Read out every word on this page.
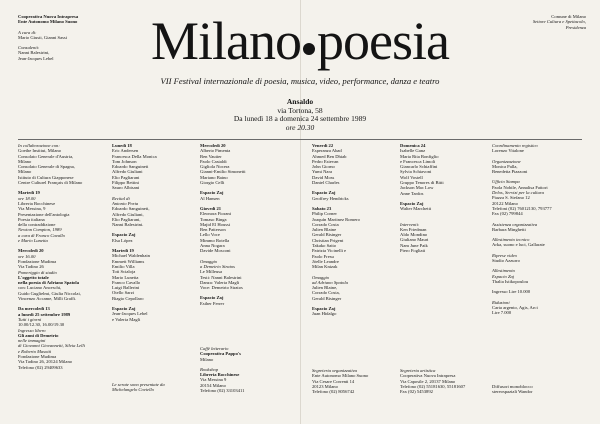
Cooperativa Nuova Intrapresa
Ente Autonomo Milano Suono
A cura di:
Mario Giusti, Gianni Sassi
Consulenti:
Nanni Balestrini,
Jean-Jacques Lebel
Comune di Milano
Settore Cultura e Spettacolo,
Presidenza
Milano poesia
VII Festival internazionale di poesia, musica, video, performance, danza e teatro
Ansaldo
via Tortona, 58
Da lunedì 18 a domenica 24 settembre 1989
ore 20.30
In collaborazione con:
Goethe Institut, Milano
Consolato Generale d'Austria,
Milano
Consolato Generale di Spagna,
Milano
Istituto di Cultura Giapponese
Centre Culturel Français di Milano
Martedì 19
ore 18.00
Libreria Bocchinese
Via Messina, 9
Presentazione dell'antologia
Poesia italiana
della contraddizione
Newton Compton, 1989
a cura di Franco Cavallo
e Mario Lunetta
Mercoledì 20
ore 16.00
Fondazione Mudima
Via Tadino 26
Pomeriggio di studio
L'oggetto totale
nella poesia di Adriano Spatola
con: Luciano Anceschi,
Guido Guglielmi, Giulia Niccolai,
Vincenzo Accame, Milli Graffi.
Da mercoledì 13
a lunedì 25 settembre 1989
Tutti i giorni
10.00/12.30, 16.00/19.30
Ingresso libero
Gli anni di Demetrio
nelle immagini
di Giovanni Giovannetti, Silvia Lelli
e Roberto Masotti
Fondazione Mudima
Via Tadino 26, 20124 Milano
Telefono (02) 29409633
Lunedì 18
Eric Andersen
Francesca Della Monica
Tom Johnson
Edoardo Sanguineti
Alfredo Giuliani
Elio Pagliarani
Filippo Bettini
Sauro Albisani
Recital di
Antonio Porta
Edoardo Sanguineti,
Alfredo Giuliani,
Elio Pagliarani,
Nanni Balestrini.
Espacio Zaj
Elsa López
Martedì 19
Michael Waldenhain
Emmett Williams
Emilio Villa
Toti Scialoja
Mario Lunetta
Franco Cavallo
Luigi Ballerini
Otello Sarzi
Biagio Cepollaro
Espacio Zaj
Jean-Jacques Lebel
e Valeria Magli
Le serate sono presentate da
Michelangelo Coviello
Mercoledì 20
Alberto Pimenta
Ben Vautier
Paolo Castaldi
Gigliola Nocera
Gianni-Emilio Simonetti
Mariano Baino
Giorgio Celli
Espacio Zaj
Al Hansen
Giovedì 21
Eleonora Fiorani
Tomaso Binga
Majid El Houssi
Ben Patterson
Lello Voce
Mimmo Rotella
Anna Nogara
Davide Mosconi
Omaggio
a Demetrio Stratos
Le Milleusa
Testi: Nanni Balestrini
Danza: Valeria Magli
Voce: Demetrio Stratos
Espacio Zaj
Esther Ferrer
Caffè letterario
Cooperativa Pappo's
Milano
Bookshop
Libreria Bocchinese
Via Messina 9
20154 Milano
Telefono (02) 33103411
Venerdì 22
Esperanza Abad
Ahmed Ben Dhiab
Pedro Estevan
John Giorno
Yumi Nara
David Moss
Daniel Charles
Espacio Zaj
Geoffrey Hendricks
Sabato 23
Philip Corner
Joaquín Martinez Romero
Corrado Costa
Julien Blaine
Gerald Bisinger
Christian Prigent
Takako Saito
Patrizia Vicinelli e
Paolo Fresu
Jöelle Leandre
Milan Knizak
Omaggio
ad Adriano Spatola
Julien Blaine,
Corrado Costa,
Gerald Bisinger
Espacio Zaj
Juan Hidalgo
Segreteria organizzativa
Ente Autonomo Milano Suono
Via Cesare Correnti 14
20123 Milano
Telefono (02) 8056742
Domenica 24
Isabelle Ganz
Maria Rita Bonfiglio
e Francesca Limoli
Giancarlo Schiaffini
Sylvia Schiavoni
Wolf Vostell
Gruppo Tenores di Bitti
Jackson Mac Low
Anne Tardos
Espacio Zaj
Walter Marchetti
Interventi:
Ken Friedman
Aldo Mondino
Giuliano Mauri
Nam June Paik
Piero Fogliati
Segreteria artistica
Cooperativa Nuova Intrapresa
Via Caposile 2, 20137 Milano
Telefono (02) 55181630, 55181607
Fax (02) 5453892
Coordinamento registico
Lorenzo Vitalone
Organizzazione
Monica Palla,
Benedetta Piazzoni
Ufficio Stampa
Paola Nobile, Annalisa Fattori
Delos, Servizi per la cultura
Piazza S. Stefano 12
20122 Milano
Telefoni (02) 76012130, 793777
Fax (02) 799844
Assistenza organizzativa
Barbara Minghetti
Allestimento tecnico
Arka, suono e luci, Gallarate
Riprese video
Studio Azzurro
Allestimento
Espacio Zaj
Thalia Istikopoulou
Ingresso Lire 10.000
Riduzioni
Carta argento, Agis, Arci
Lire 7.000
Diffusori monoblocco
stereospaziali Wandor
